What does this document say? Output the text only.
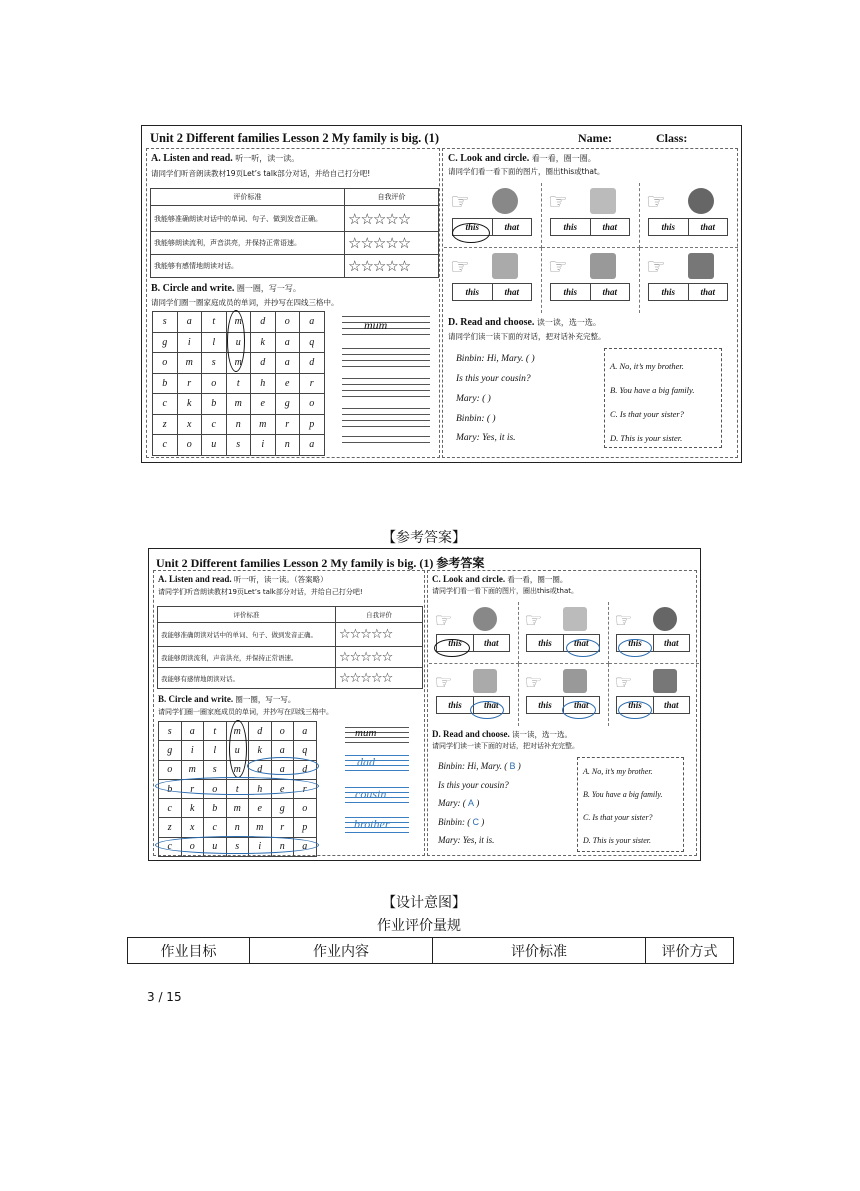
Unit 2 Different families Lesson 2 My family is big. (1)	Name:	Class:
A. Listen and read. 听一听，读一读。
请同学们听音朗读教材19页Let’s talk部分对话，并给自己打分吧!
评价标准	自我评价
我能够准确朗读对话中的单词、句子、做到发音正确。	☆☆☆☆☆
我能够朗读流利，声音洪亮，并保持正常语速。	☆☆☆☆☆
我能够有感情地朗读对话。	☆☆☆☆☆
B. Circle and write. 圈一圈，写一写。
请同学们圈一圈家庭成员的单词，并抄写在四线三格中。
s	a	t	m	d	o	a
g	i	l	u	k	a	q
o	m	s	m	d	a	d
b	r	o	t	h	e	r
c	k	b	m	e	g	o
z	x	c	n	m	r	p
c	o	u	s	i	n	a
mum
C. Look and circle. 看一看，圈一圈。
请同学们看一看下面的图片，圈出this或that。
☞
this	that
☞
this	that
☞
this	that
☞
this	that
☞
this	that
☞
this	that
D. Read and choose. 读一读，选一选。
请同学们读一读下面的对话，把对话补充完整。
Binbin: Hi, Mary. ( )
Is this your cousin?
Mary: ( )
Binbin: ( )
Mary: Yes, it is.
A. No, it’s my brother.
B. You have a big family.
C. Is that your sister?
D. This is your sister.
【参考答案】
Unit 2 Different families Lesson 2 My family is big. (1) 参考答案
A. Listen and read. 听一听，读一读。（答案略）
请同学们听音朗读教材19页Let’s talk部分对话，并给自己打分吧!
评价标准	自我评价
我能够准确朗读对话中的单词、句子、做到发音正确。	☆☆☆☆☆
我能够朗读流利，声音洪亮，并保持正常语速。	☆☆☆☆☆
我能够有感情地朗读对话。	☆☆☆☆☆
B. Circle and write. 圈一圈，写一写。
请同学们圈一圈家庭成员的单词，并抄写在四线三格中。
s	a	t	m	d	o	a
g	i	l	u	k	a	q
o	m	s	m	d	a	d
b	r	o	t	h	e	r
c	k	b	m	e	g	o
z	x	c	n	m	r	p
c	o	u	s	i	n	a
mum
dad
cousin
brother
C. Look and circle. 看一看，圈一圈。
请同学们看一看下面的图片，圈出this或that。
☞
this	that
☞
this	that
☞
this	that
☞
this	that
☞
this	that
☞
this	that
D. Read and choose. 读一读，选一选。
请同学们读一读下面的对话，把对话补充完整。
Binbin: Hi, Mary. ( B )
Is this your cousin?
Mary: ( A )
Binbin: ( C )
Mary: Yes, it is.
A. No, it’s my brother.
B. You have a big family.
C. Is that your sister?
D. This is your sister.
【设计意图】
作业评价量规
作业目标	作业内容	评价标准	评价方式
3 / 15
